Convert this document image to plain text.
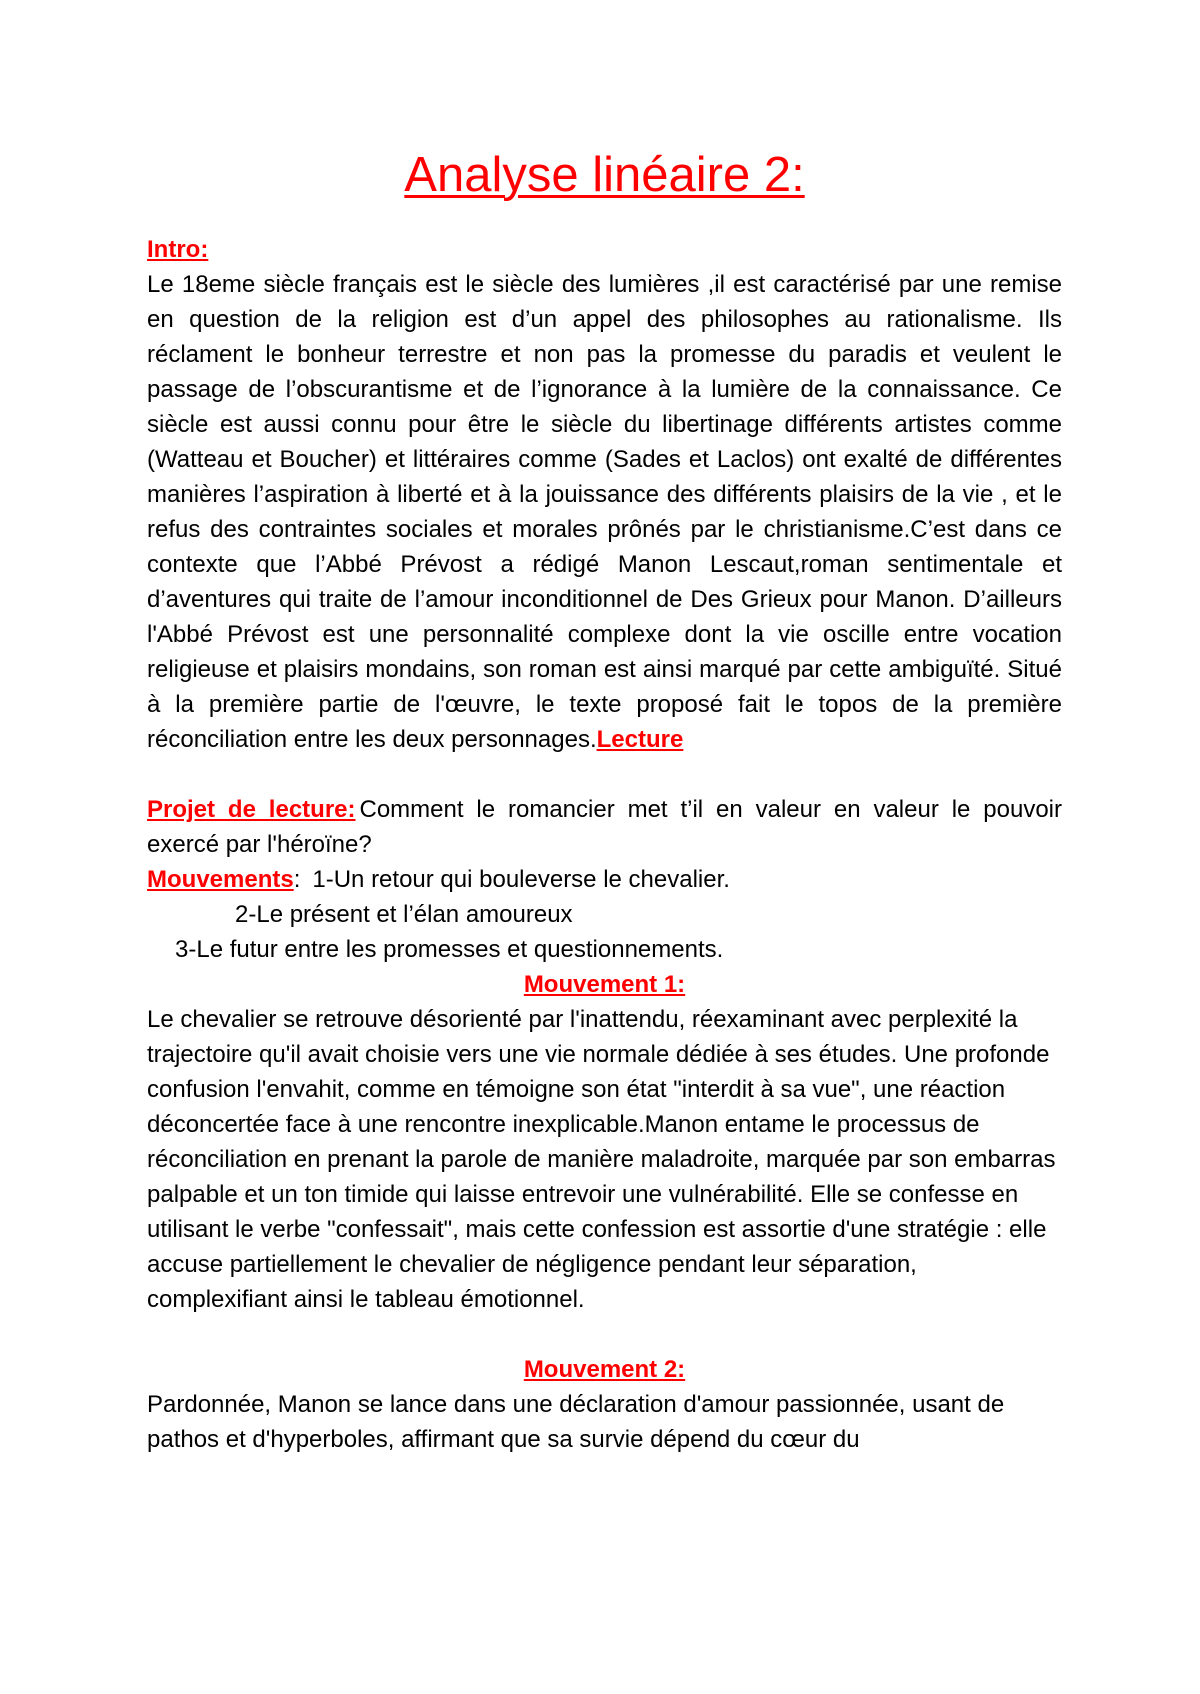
Analyse linéaire 2:
Intro:

Le 18eme siècle français est le siècle des lumières ,il est caractérisé par une remise en question de la religion est d’un appel des philosophes au rationalisme. Ils réclament le bonheur terrestre et non pas la promesse du paradis et veulent le passage de l’obscurantisme et de l’ignorance à la lumière de la connaissance. Ce siècle est aussi connu pour être le siècle du libertinage différents artistes comme (Watteau et Boucher) et littéraires comme (Sades et Laclos) ont exalté de différentes manières l’aspiration à liberté et à la jouissance des différents plaisirs de la vie , et le refus des contraintes sociales et morales prônés par le christianisme.C’est dans ce contexte que l’Abbé Prévost a rédigé Manon Lescaut,roman sentimentale et d’aventures qui traite de l’amour inconditionnel de Des Grieux pour Manon. D’ailleurs l'Abbé Prévost est une personnalité complexe dont la vie oscille entre vocation religieuse et plaisirs mondains, son roman est ainsi marqué par cette ambiguïté. Situé à la première partie de l'œuvre, le texte proposé fait le topos de la première réconciliation entre les deux personnages.Lecture

Projet de lecture: Comment le romancier met t’il en valeur en valeur le pouvoir exercé par l'héroïne?

Mouvements: 1-Un retour qui bouleverse le chevalier.

2-Le présent et l’élan amoureux

3-Le futur entre les promesses et questionnements.

Mouvement 1:

Le chevalier se retrouve désorienté par l'inattendu, réexaminant avec perplexité la trajectoire qu'il avait choisie vers une vie normale dédiée à ses études. Une profonde confusion l'envahit, comme en témoigne son état "interdit à sa vue", une réaction déconcertée face à une rencontre inexplicable.Manon entame le processus de réconciliation en prenant la parole de manière maladroite, marquée par son embarras palpable et un ton timide qui laisse entrevoir une vulnérabilité. Elle se confesse en utilisant le verbe "confessait", mais cette confession est assortie d'une stratégie : elle accuse partiellement le chevalier de négligence pendant leur séparation, complexifiant ainsi le tableau émotionnel.

Mouvement 2:

Pardonnée, Manon se lance dans une déclaration d'amour passionnée, usant de pathos et d'hyperboles, affirmant que sa survie dépend du cœur du
